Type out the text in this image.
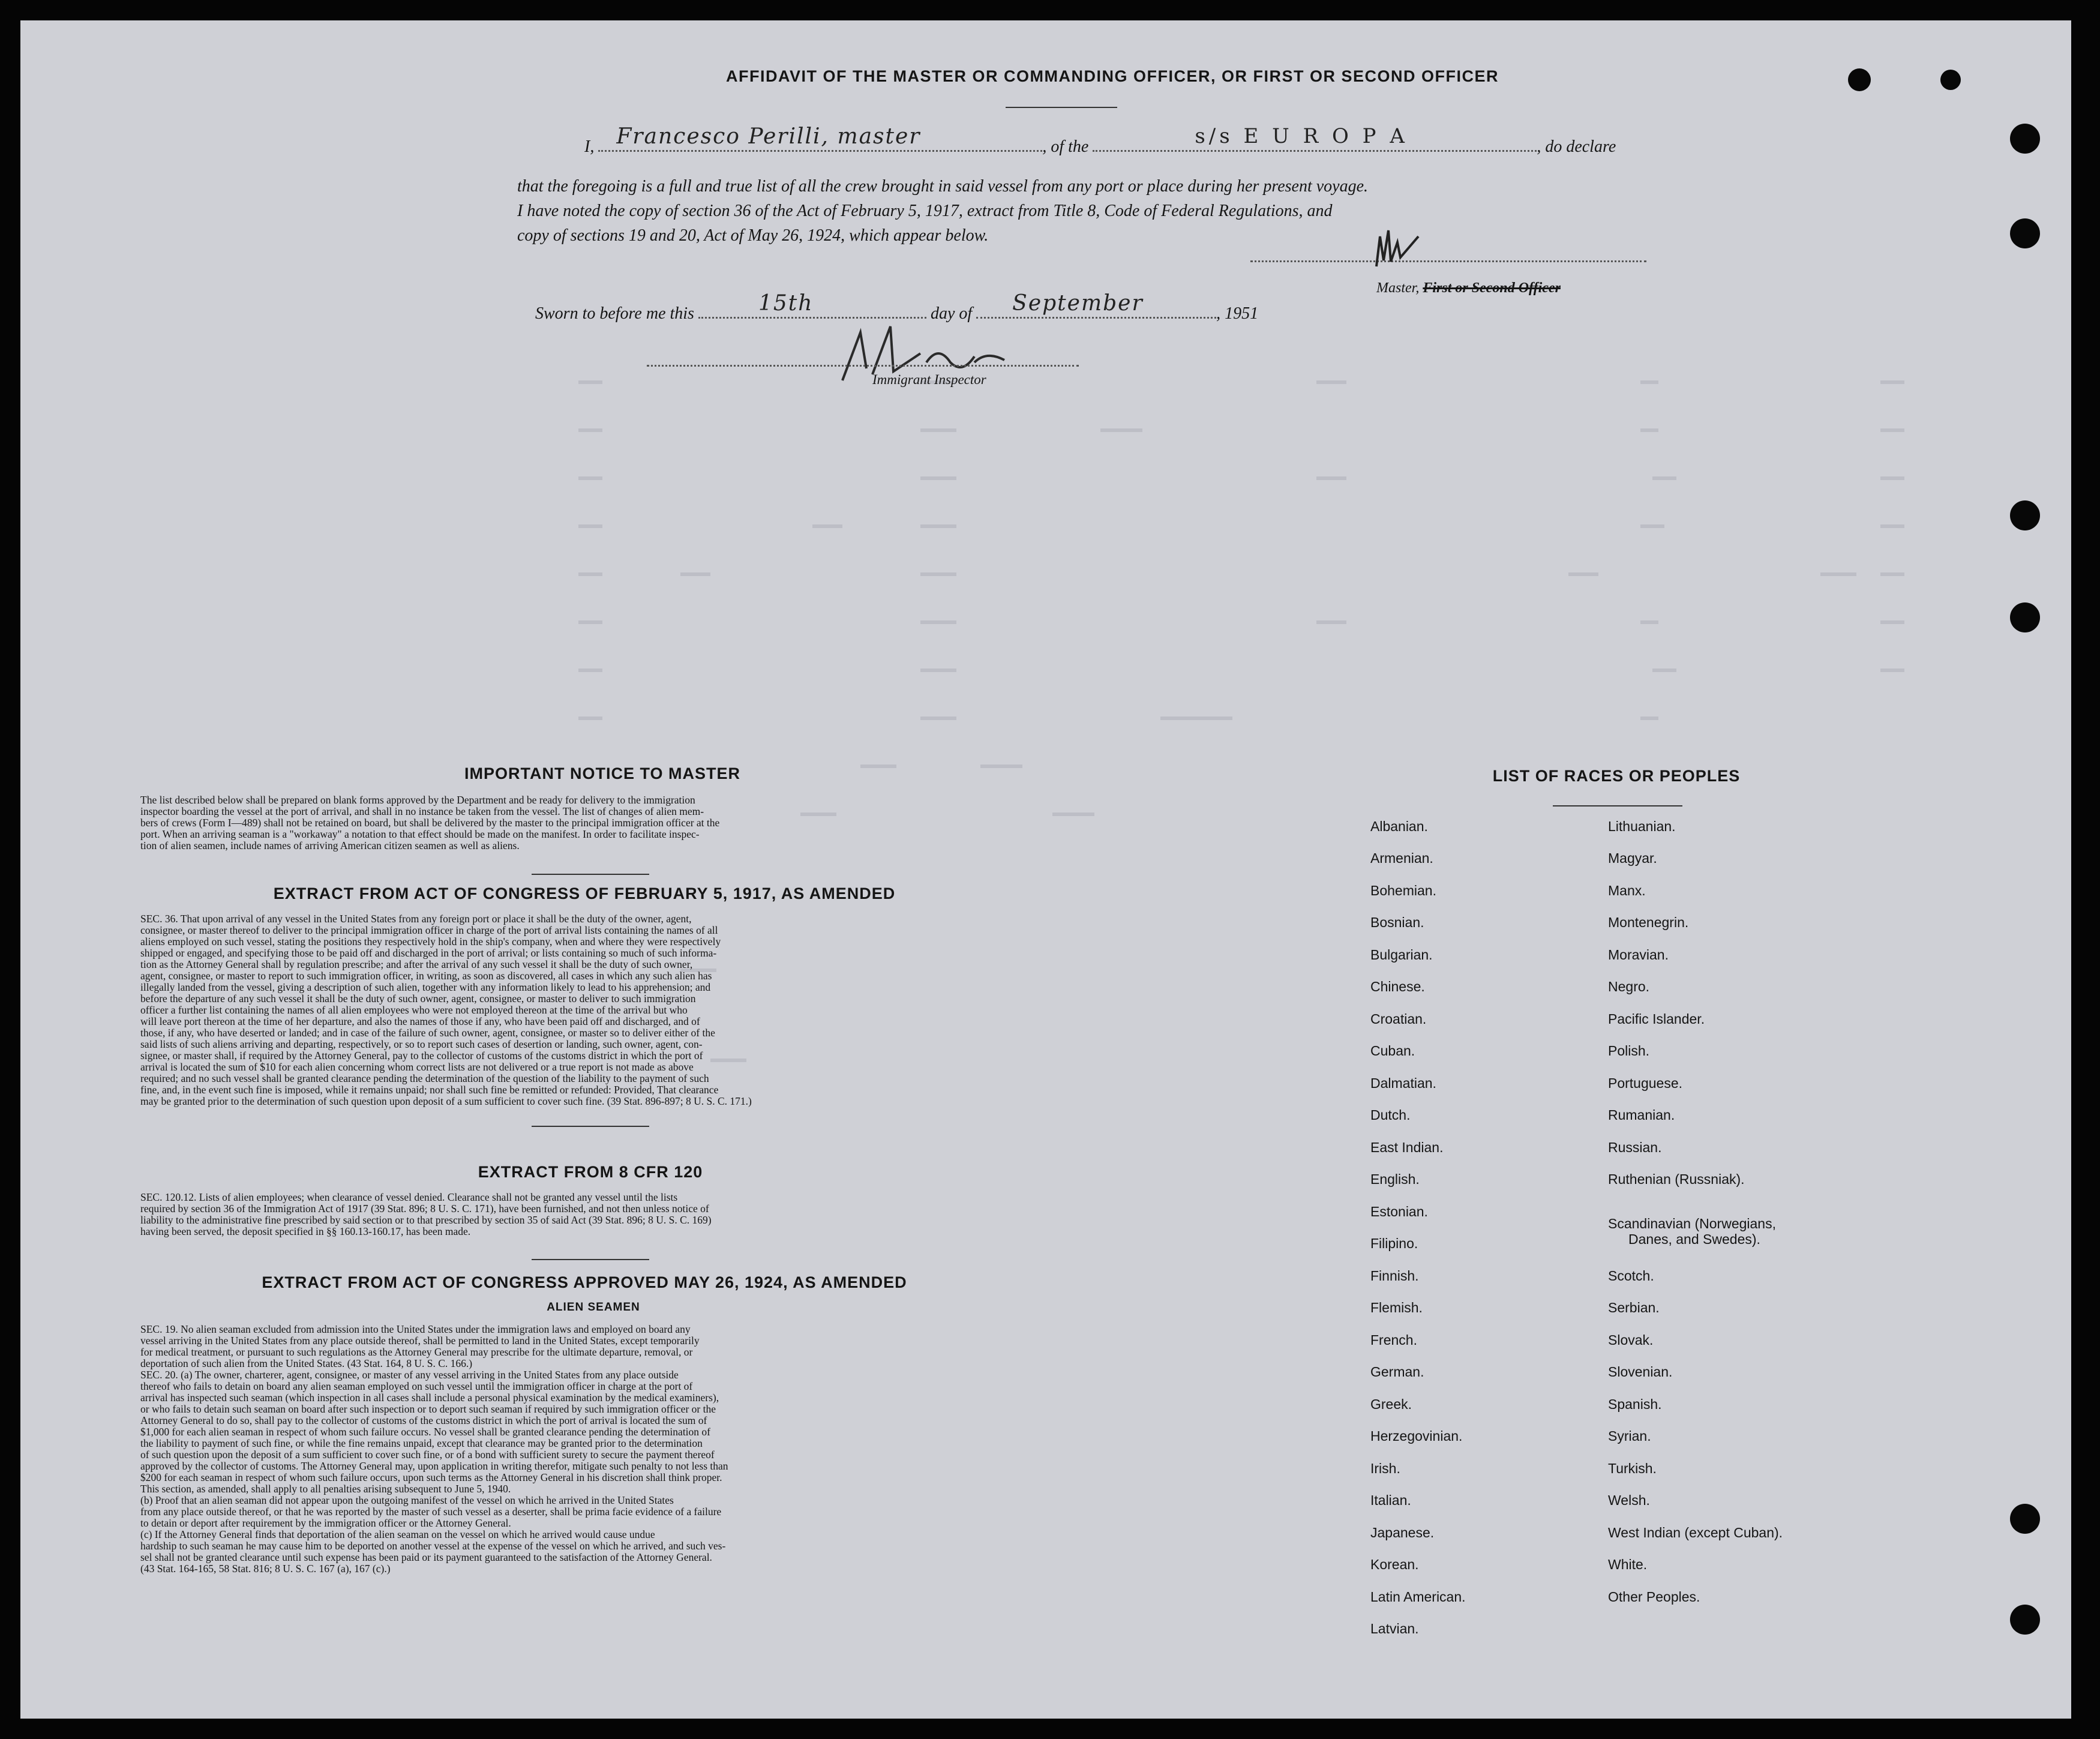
AFFIDAVIT OF THE MASTER OR COMMANDING OFFICER, OR FIRST OR SECOND OFFICER
I, Francesco Perilli, master	, of the	s/s E U R O P A	, do declare
that the foregoing is a full and true list of all the crew brought in said vessel from any port or place during her present voyage.
I have noted the copy of section 36 of the Act of February 5, 1917, extract from Title 8, Code of Federal Regulations, and
copy of sections 19 and 20, Act of May 26, 1924, which appear below.
Master, First or Second Officer
Sworn to before me this	15th	day of September	, 1951
Immigrant Inspector
IMPORTANT NOTICE TO MASTER
The list described below shall be prepared on blank forms approved by the Department and be ready for delivery to the immigration
inspector boarding the vessel at the port of arrival, and shall in no instance be taken from the vessel. The list of changes of alien mem-
bers of crews (Form I—489) shall not be retained on board, but shall be delivered by the master to the principal immigration officer at the
port. When an arriving seaman is a "workaway" a notation to that effect should be made on the manifest. In order to facilitate inspec-
tion of alien seamen, include names of arriving American citizen seamen as well as aliens.
EXTRACT FROM ACT OF CONGRESS OF FEBRUARY 5, 1917, AS AMENDED
SEC. 36. That upon arrival of any vessel in the United States from any foreign port or place it shall be the duty of the owner, agent,
consignee, or master thereof to deliver to the principal immigration officer in charge of the port of arrival lists containing the names of all
aliens employed on such vessel, stating the positions they respectively hold in the ship's company, when and where they were respectively
shipped or engaged, and specifying those to be paid off and discharged in the port of arrival; or lists containing so much of such informa-
tion as the Attorney General shall by regulation prescribe; and after the arrival of any such vessel it shall be the duty of such owner,
agent, consignee, or master to report to such immigration officer, in writing, as soon as discovered, all cases in which any such alien has
illegally landed from the vessel, giving a description of such alien, together with any information likely to lead to his apprehension; and
before the departure of any such vessel it shall be the duty of such owner, agent, consignee, or master to deliver to such immigration
officer a further list containing the names of all alien employees who were not employed thereon at the time of the arrival but who
will leave port thereon at the time of her departure, and also the names of those if any, who have been paid off and discharged, and of
those, if any, who have deserted or landed; and in case of the failure of such owner, agent, consignee, or master so to deliver either of the
said lists of such aliens arriving and departing, respectively, or so to report such cases of desertion or landing, such owner, agent, con-
signee, or master shall, if required by the Attorney General, pay to the collector of customs of the customs district in which the port of
arrival is located the sum of $10 for each alien concerning whom correct lists are not delivered or a true report is not made as above
required; and no such vessel shall be granted clearance pending the determination of the question of the liability to the payment of such
fine, and, in the event such fine is imposed, while it remains unpaid; nor shall such fine be remitted or refunded: Provided, That clearance
may be granted prior to the determination of such question upon deposit of a sum sufficient to cover such fine. (39 Stat. 896-897; 8 U. S. C. 171.)
EXTRACT FROM 8 CFR 120
SEC. 120.12. Lists of alien employees; when clearance of vessel denied. Clearance shall not be granted any vessel until the lists
required by section 36 of the Immigration Act of 1917 (39 Stat. 896; 8 U. S. C. 171), have been furnished, and not then unless notice of
liability to the administrative fine prescribed by said section or to that prescribed by section 35 of said Act (39 Stat. 896; 8 U. S. C. 169)
having been served, the deposit specified in §§ 160.13-160.17, has been made.
EXTRACT FROM ACT OF CONGRESS APPROVED MAY 26, 1924, AS AMENDED
ALIEN SEAMEN
SEC. 19. No alien seaman excluded from admission into the United States under the immigration laws and employed on board any
vessel arriving in the United States from any place outside thereof, shall be permitted to land in the United States, except temporarily
for medical treatment, or pursuant to such regulations as the Attorney General may prescribe for the ultimate departure, removal, or
deportation of such alien from the United States. (43 Stat. 164, 8 U. S. C. 166.)
SEC. 20. (a) The owner, charterer, agent, consignee, or master of any vessel arriving in the United States from any place outside
thereof who fails to detain on board any alien seaman employed on such vessel until the immigration officer in charge at the port of
arrival has inspected such seaman (which inspection in all cases shall include a personal physical examination by the medical examiners),
or who fails to detain such seaman on board after such inspection or to deport such seaman if required by such immigration officer or the
Attorney General to do so, shall pay to the collector of customs of the customs district in which the port of arrival is located the sum of
$1,000 for each alien seaman in respect of whom such failure occurs. No vessel shall be granted clearance pending the determination of
the liability to payment of such fine, or while the fine remains unpaid, except that clearance may be granted prior to the determination
of such question upon the deposit of a sum sufficient to cover such fine, or of a bond with sufficient surety to secure the payment thereof
approved by the collector of customs. The Attorney General may, upon application in writing therefor, mitigate such penalty to not less than
$200 for each seaman in respect of whom such failure occurs, upon such terms as the Attorney General in his discretion shall think proper.
This section, as amended, shall apply to all penalties arising subsequent to June 5, 1940.
(b) Proof that an alien seaman did not appear upon the outgoing manifest of the vessel on which he arrived in the United States
from any place outside thereof, or that he was reported by the master of such vessel as a deserter, shall be prima facie evidence of a failure
to detain or deport after requirement by the immigration officer or the Attorney General.
(c) If the Attorney General finds that deportation of the alien seaman on the vessel on which he arrived would cause undue
hardship to such seaman he may cause him to be deported on another vessel at the expense of the vessel on which he arrived, and such ves-
sel shall not be granted clearance until such expense has been paid or its payment guaranteed to the satisfaction of the Attorney General.
(43 Stat. 164-165, 58 Stat. 816; 8 U. S. C. 167 (a), 167 (c).)
LIST OF RACES OR PEOPLES
Albanian.
Armenian.
Bohemian.
Bosnian.
Bulgarian.
Chinese.
Croatian.
Cuban.
Dalmatian.
Dutch.
East Indian.
English.
Estonian.
Filipino.
Finnish.
Flemish.
French.
German.
Greek.
Herzegovinian.
Irish.
Italian.
Japanese.
Korean.
Latin American.
Latvian.
Lithuanian.
Magyar.
Manx.
Montenegrin.
Moravian.
Negro.
Pacific Islander.
Polish.
Portuguese.
Rumanian.
Russian.
Ruthenian (Russniak).
Scandinavian (Norwegians,
Danes, and Swedes).
Scotch.
Serbian.
Slovak.
Slovenian.
Spanish.
Syrian.
Turkish.
Welsh.
West Indian (except Cuban).
White.
Other Peoples.
